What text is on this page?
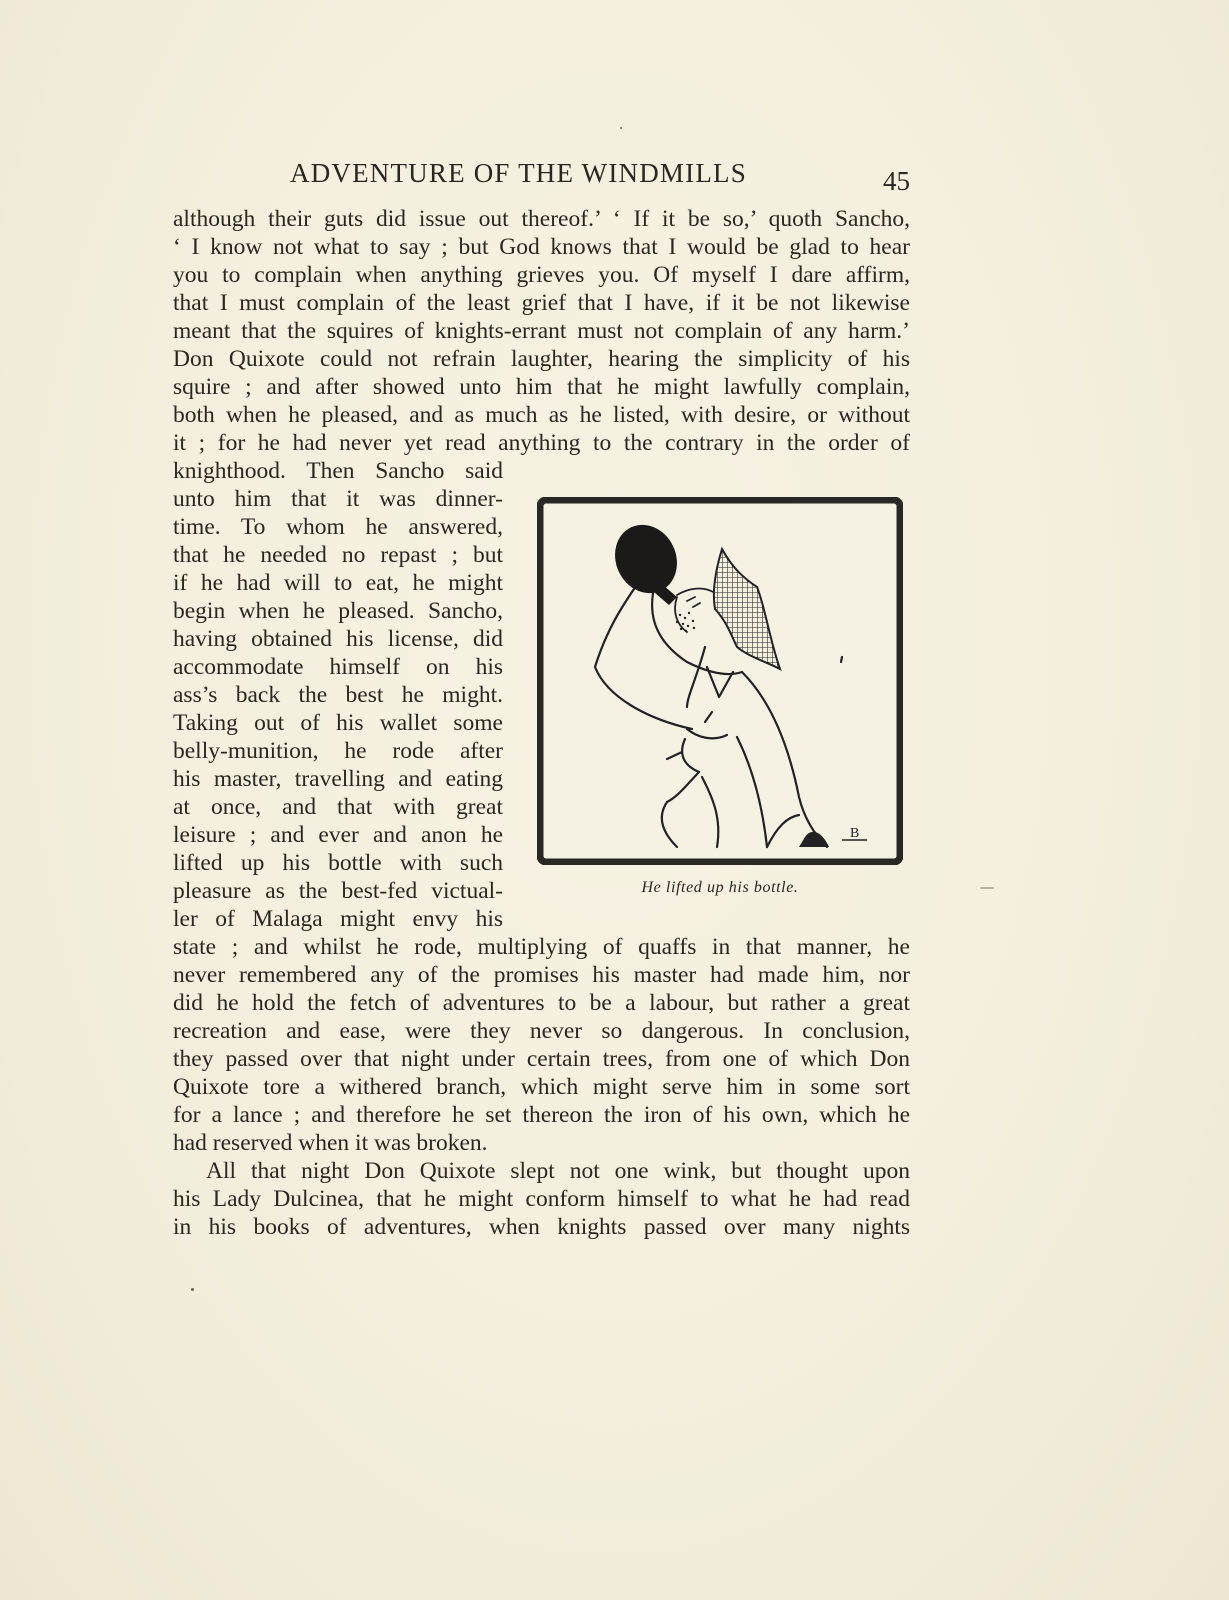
ADVENTURE OF THE WINDMILLS	45
although their guts did issue out thereof.’ ‘ If it be so,’ quoth Sancho,
‘ I know not what to say ; but God knows that I would be glad to hear
you to complain when anything grieves you. Of myself I dare affirm,
that I must complain of the least grief that I have, if it be not likewise
meant that the squires of knights-errant must not complain of any harm.’
Don Quixote could not refrain laughter, hearing the simplicity of his
squire ; and after showed unto him that he might lawfully complain,
both when he pleased, and as much as he listed, with desire, or without
it ; for he had never yet read anything to the contrary in the order of
knighthood. Then Sancho said
unto him that it was dinner-
time. To whom he answered,
that he needed no repast ; but
if he had will to eat, he might
begin when he pleased. Sancho,
having obtained his license, did
accommodate himself on his
ass’s back the best he might.
Taking out of his wallet some
belly-munition, he rode after
his master, travelling and eating
at once, and that with great
leisure ; and ever and anon he
lifted up his bottle with such
pleasure as the best-fed victual-
ler of Malaga might envy his
B
He lifted up his bottle.
state ; and whilst he rode, multiplying of quaffs in that manner, he
never remembered any of the promises his master had made him, nor
did he hold the fetch of adventures to be a labour, but rather a great
recreation and ease, were they never so dangerous. In conclusion,
they passed over that night under certain trees, from one of which Don
Quixote tore a withered branch, which might serve him in some sort
for a lance ; and therefore he set thereon the iron of his own, which he
had reserved when it was broken.
All that night Don Quixote slept not one wink, but thought upon
his Lady Dulcinea, that he might conform himself to what he had read
in his books of adventures, when knights passed over many nights
